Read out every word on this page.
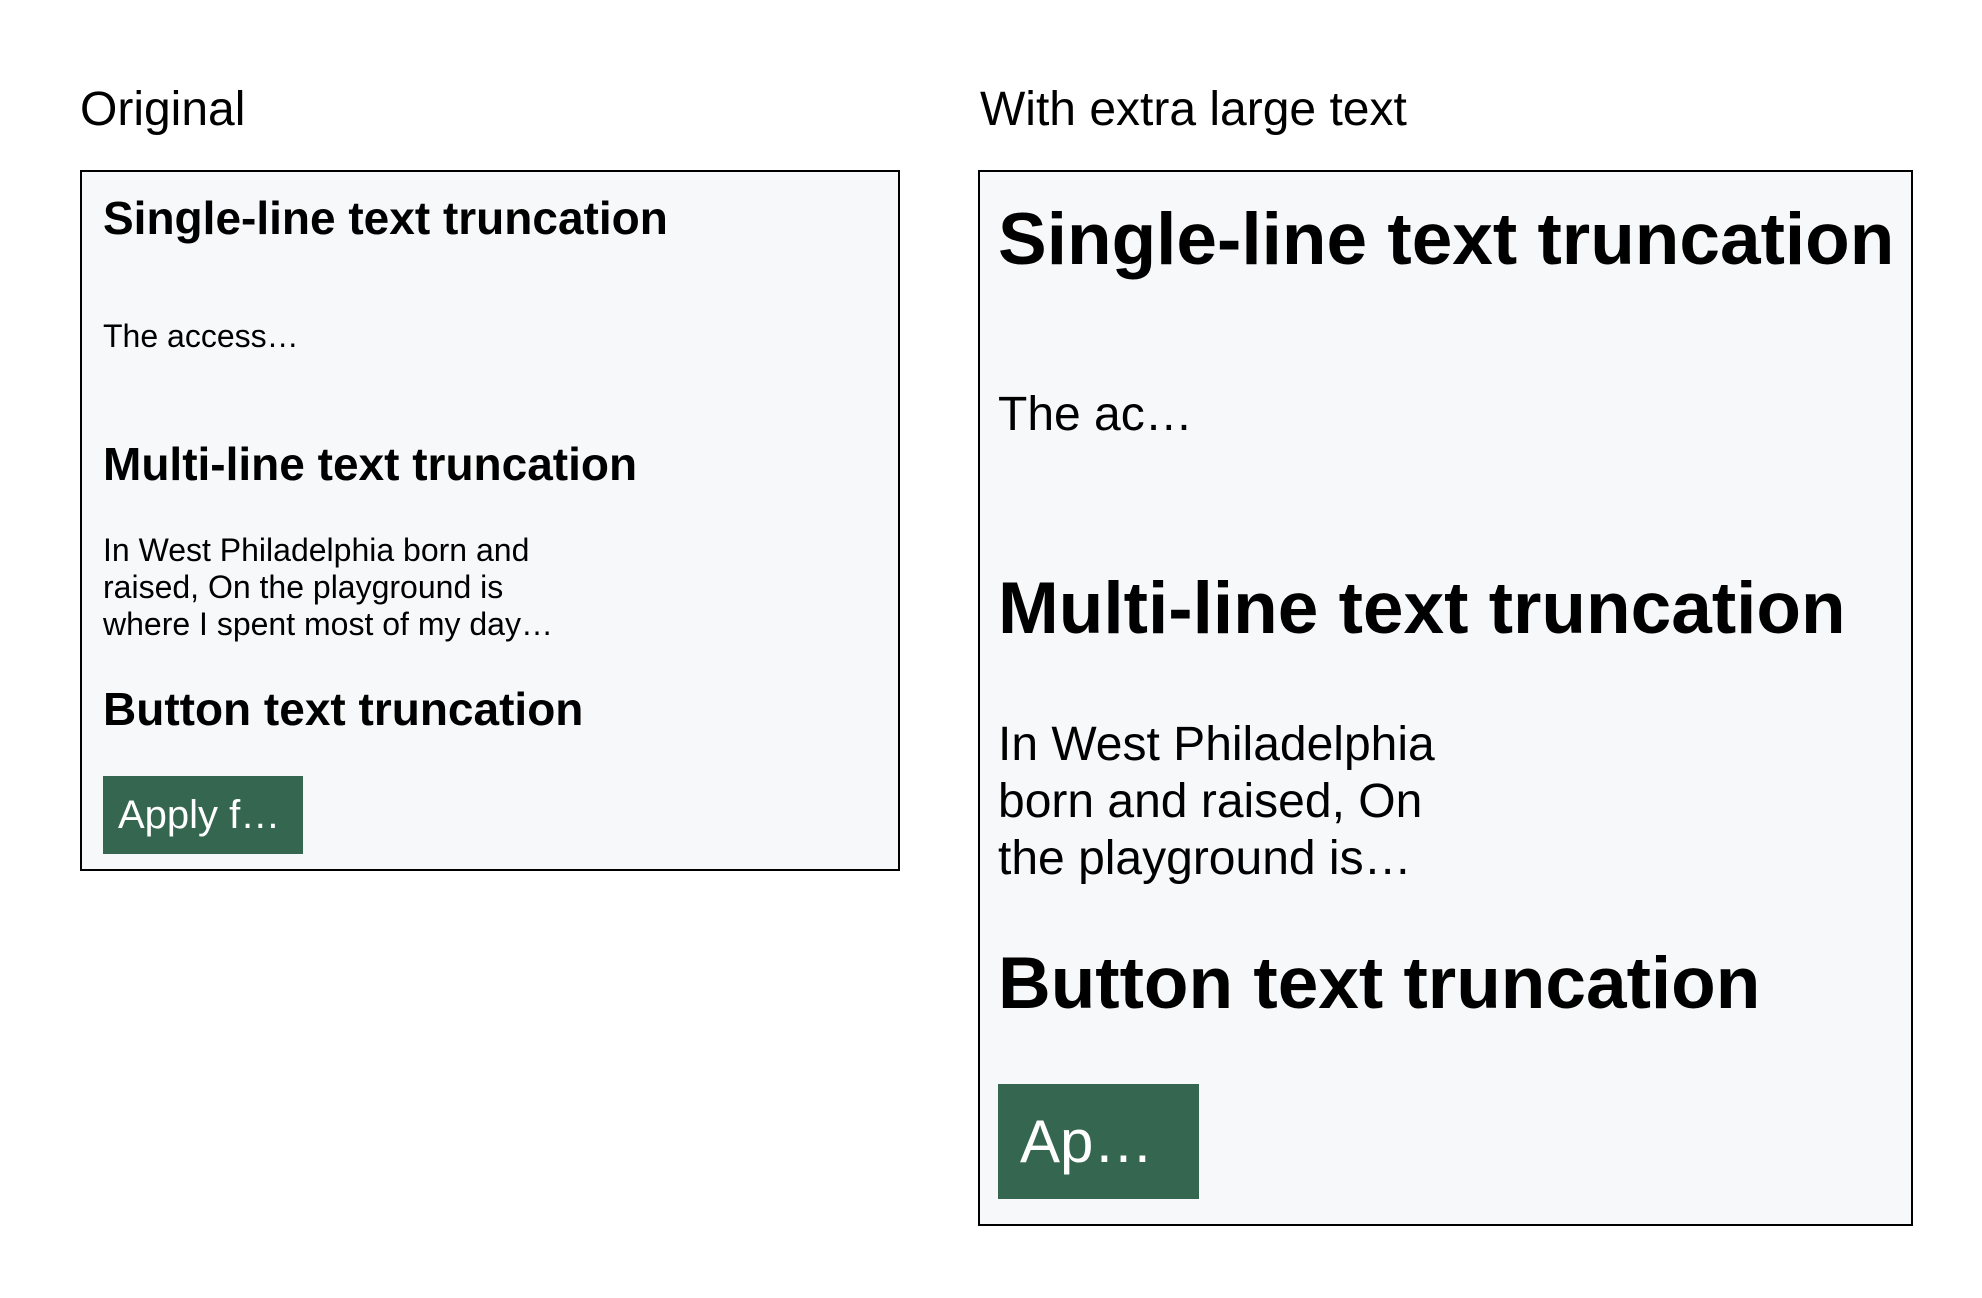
Original	With extra large text
Single-line text truncation
The access…
Multi-line text truncation
In West Philadelphia born and
raised, On the playground is
where I spent most of my day…
Button text truncation
Apply f…
Single-line text truncation
The ac…
Multi-line text truncation
In West Philadelphia
born and raised, On
the playground is…
Button text truncation
Ap…
